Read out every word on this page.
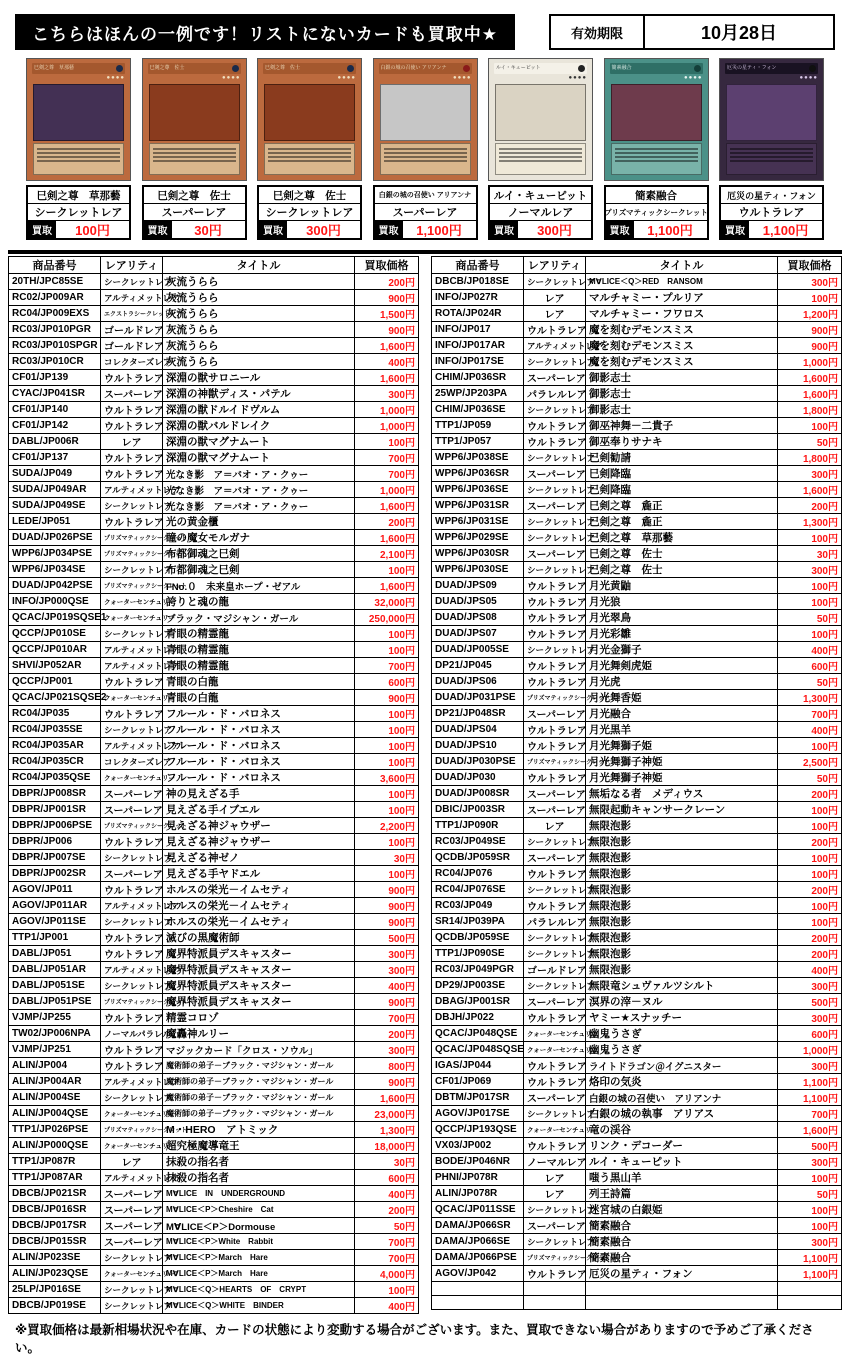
こちらはほんの一例です！リストにないカードも買取中★	有効期限	10月28日
巳剣之尊　草那藝
●●●●
巳剣之尊　草那藝
シークレットレア
買取	100円
巳剣之尊　佐士
●●●●
巳剣之尊　佐士
スーパーレア
買取	30円
巳剣之尊　佐士
●●●●
巳剣之尊　佐士
シークレットレア
買取	300円
白銀の城の召使い アリアンナ
●●●●
白銀の城の召使い アリアンナ
スーパーレア
買取	1,100円
ルイ・キューピット
●●●●
ルイ・キューピット
ノーマルレア
買取	300円
簡素融合
●●●●
簡素融合
プリズマティックシークレット
買取	1,100円
厄災の星ティ・フォン
●●●●
厄災の星ティ・フォン
ウルトラレア
買取	1,100円
商品番号	レアリティ	タイトル	買取価格
20TH/JPC85SE	シークレットレア	灰流うらら	200円
RC02/JP009AR	アルティメットレア	灰流うらら	900円
RC04/JP009EXS	エクストラシークレットレア	灰流うらら	1,500円
RC03/JP010PGR	ゴールドレア	灰流うらら	900円
RC03/JP010SPGR	ゴールドレア	灰流うらら	1,600円
RC03/JP010CR	コレクターズレア	灰流うらら	400円
CF01/JP139	ウルトラレア	深淵の獣サロニール	1,600円
CYAC/JP041SR	スーパーレア	深淵の神獣ディス・パテル	300円
CF01/JP140	ウルトラレア	深淵の獣ドルイドヴルム	1,000円
CF01/JP142	ウルトラレア	深淵の獣バルドレイク	1,000円
DABL/JP006R	レア	深淵の獣マグナムート	100円
CF01/JP137	ウルトラレア	深淵の獣マグナムート	700円
SUDA/JP049	ウルトラレア	光なき影　ア＝バオ・ア・クゥー	700円
SUDA/JP049AR	アルティメットレア	光なき影　ア＝バオ・ア・クゥー	1,000円
SUDA/JP049SE	シークレットレア	光なき影　ア＝バオ・ア・クゥー	1,600円
LEDE/JP051	ウルトラレア	光の黄金櫃	200円
DUAD/JP026PSE	プリズマティックシークレット	瞳の魔女モルガナ	1,600円
WPP6/JP034PSE	プリズマティックシークレット	布都御魂之巳剣	2,100円
WPP6/JP034SE	シークレットレア	布都御魂之巳剣	100円
DUAD/JP042PSE	プリズマティックシークレット	FNo.０　未来皇ホープ・ゼアル	1,600円
INFO/JP000QSE	クォーターセンチュリー	誇りと魂の龍	32,000円
QCAC/JP019SQSE1	クォーターセンチュリー	ブラック・マジシャン・ガール	250,000円
QCCP/JP010SE	シークレットレア	青眼の精霊龍	100円
QCCP/JP010AR	アルティメットレア	青眼の精霊龍	100円
SHVI/JP052AR	アルティメットレア	青眼の精霊龍	700円
QCCP/JP001	ウルトラレア	青眼の白龍	600円
QCAC/JP021SQSE2	クォーターセンチュリー	青眼の白龍	900円
RC04/JP035	ウルトラレア	フルール・ド・バロネス	100円
RC04/JP035SE	シークレットレア	フルール・ド・バロネス	100円
RC04/JP035AR	アルティメットレア	フルール・ド・バロネス	100円
RC04/JP035CR	コレクターズレア	フルール・ド・バロネス	100円
RC04/JP035QSE	クォーターセンチュリー	フルール・ド・バロネス	3,600円
DBPR/JP008SR	スーパーレア	神の見えざる手	100円
DBPR/JP001SR	スーパーレア	見えざる手イブエル	100円
DBPR/JP006PSE	プリズマティックシークレット	見えざる神ジャウザー	2,200円
DBPR/JP006	ウルトラレア	見えざる神ジャウザー	100円
DBPR/JP007SE	シークレットレア	見えざる神ゼノ	30円
DBPR/JP002SR	スーパーレア	見えざる手ヤドエル	100円
AGOV/JP011	ウルトラレア	ホルスの栄光－イムセティ	900円
AGOV/JP011AR	アルティメットレア	ホルスの栄光－イムセティ	900円
AGOV/JP011SE	シークレットレア	ホルスの栄光－イムセティ	900円
TTP1/JP001	ウルトラレア	滅びの黒魔術師	500円
DABL/JP051	ウルトラレア	魔界特派員デスキャスター	300円
DABL/JP051AR	アルティメットレア	魔界特派員デスキャスター	300円
DABL/JP051SE	シークレットレア	魔界特派員デスキャスター	400円
DABL/JP051PSE	プリズマティックシークレット	魔界特派員デスキャスター	900円
VJMP/JP255	ウルトラレア	精霊コロゾ	700円
TW02/JP006NPA	ノーマルパラレル	魔轟神ルリー	200円
VJMP/JP251	ウルトラレア	マジックカード「クロス・ソウル」	300円
ALIN/JP004	ウルトラレア	魔術師の弟子－ブラック・マジシャン・ガール	800円
ALIN/JP004AR	アルティメットレア	魔術師の弟子－ブラック・マジシャン・ガール	900円
ALIN/JP004SE	シークレットレア	魔術師の弟子－ブラック・マジシャン・ガール	1,600円
ALIN/JP004QSE	クォーターセンチュリー	魔術師の弟子－ブラック・マジシャン・ガール	23,000円
TTP1/JP026PSE	プリズマティックシークレット	M・HERO　アトミック	1,300円
ALIN/JP000QSE	クォーターセンチュリー	超究極魔導竜王	18,000円
TTP1/JP087R	レア	抹殺の指名者	30円
TTP1/JP087AR	アルティメットレア	抹殺の指名者	600円
DBCB/JP021SR	スーパーレア	M∀LICE　IN　UNDERGROUND	400円
DBCB/JP016SR	スーパーレア	M∀LICE＜P＞Cheshire　Cat	200円
DBCB/JP017SR	スーパーレア	M∀LICE＜P＞Dormouse	50円
DBCB/JP015SR	スーパーレア	M∀LICE＜P＞White　Rabbit	700円
ALIN/JP023SE	シークレットレア	M∀LICE＜P＞March　Hare	700円
ALIN/JP023QSE	クォーターセンチュリー	M∀LICE＜P＞March　Hare	4,000円
25LP/JP016SE	シークレットレア	M∀LICE＜Q＞HEARTS　OF　CRYPT	100円
DBCB/JP019SE	シークレットレア	M∀LICE＜Q＞WHITE　BINDER	400円
商品番号	レアリティ	タイトル	買取価格
DBCB/JP018SE	シークレットレア	M∀LICE＜Q＞RED　RANSOM	300円
INFO/JP027R	レア	マルチャミー・プルリア	100円
ROTA/JP024R	レア	マルチャミー・フワロス	1,200円
INFO/JP017	ウルトラレア	魔を刻むデモンスミス	900円
INFO/JP017AR	アルティメットレア	魔を刻むデモンスミス	900円
INFO/JP017SE	シークレットレア	魔を刻むデモンスミス	1,000円
CHIM/JP036SR	スーパーレア	御影志士	1,600円
25WP/JP203PA	パラレルレア	御影志士	1,600円
CHIM/JP036SE	シークレットレア	御影志士	1,800円
TTP1/JP059	ウルトラレア	御巫神舞－二貴子	100円
TTP1/JP057	ウルトラレア	御巫奉りサナキ	50円
WPP6/JP038SE	シークレットレア	巳剣勧請	1,800円
WPP6/JP036SR	スーパーレア	巳剣降臨	300円
WPP6/JP036SE	シークレットレア	巳剣降臨	1,600円
WPP6/JP031SR	スーパーレア	巳剣之尊　麁正	200円
WPP6/JP031SE	シークレットレア	巳剣之尊　麁正	1,300円
WPP6/JP029SE	シークレットレア	巳剣之尊　草那藝	100円
WPP6/JP030SR	スーパーレア	巳剣之尊　佐士	30円
WPP6/JP030SE	シークレットレア	巳剣之尊　佐士	300円
DUAD/JPS09	ウルトラレア	月光黄鼬	100円
DUAD/JPS05	ウルトラレア	月光狼	100円
DUAD/JPS08	ウルトラレア	月光翠鳥	50円
DUAD/JPS07	ウルトラレア	月光彩雛	100円
DUAD/JP005SE	シークレットレア	月光金獅子	400円
DP21/JP045	ウルトラレア	月光舞剣虎姫	600円
DUAD/JPS06	ウルトラレア	月光虎	50円
DUAD/JP031PSE	プリズマティックシークレット	月光舞香姫	1,300円
DP21/JP048SR	スーパーレア	月光融合	700円
DUAD/JPS04	ウルトラレア	月光黒羊	400円
DUAD/JPS10	ウルトラレア	月光舞獅子姫	100円
DUAD/JP030PSE	プリズマティックシークレット	月光舞獅子神姫	2,500円
DUAD/JP030	ウルトラレア	月光舞獅子神姫	50円
DUAD/JP008SR	スーパーレア	無垢なる者　メディウス	200円
DBIC/JP003SR	スーパーレア	無限起動キャンサークレーン	100円
TTP1/JP090R	レア	無限泡影	100円
RC03/JP049SE	シークレットレア	無限泡影	200円
QCDB/JP059SR	スーパーレア	無限泡影	100円
RC04/JP076	ウルトラレア	無限泡影	100円
RC04/JP076SE	シークレットレア	無限泡影	200円
RC03/JP049	ウルトラレア	無限泡影	100円
SR14/JP039PA	パラレルレア	無限泡影	100円
QCDB/JP059SE	シークレットレア	無限泡影	200円
TTP1/JP090SE	シークレットレア	無限泡影	200円
RC03/JP049PGR	ゴールドレア	無限泡影	400円
DP29/JP003SE	シークレットレア	無限竜シュヴァルツシルト	300円
DBAG/JP001SR	スーパーレア	溟界の滓－ヌル	500円
DBJH/JP022	ウルトラレア	ヤミー★スナッチー	300円
QCAC/JP048QSE	クォーターセンチュリー	幽鬼うさぎ	600円
QCAC/JP048SQSE	クォーターセンチュリー	幽鬼うさぎ	1,000円
IGAS/JP044	ウルトラレア	ライトドラゴン＠イグニスター	300円
CF01/JP069	ウルトラレア	烙印の気炎	1,100円
DBTM/JP017SR	スーパーレア	白銀の城の召使い　アリアンナ	1,100円
AGOV/JP017SE	シークレットレア	白銀の城の執事　アリアス	700円
QCCP/JP193QSE	クォーターセンチュリー	竜の渓谷	1,600円
VX03/JP002	ウルトラレア	リンク・デコーダー	500円
BODE/JP046NR	ノーマルレア	ルイ・キューピット	300円
PHNI/JP078R	レア	嗤う黒山羊	100円
ALIN/JP078R	レア	列王詩篇	50円
QCAC/JP011SSE	シークレットレア	迷宮城の白銀姫	100円
DAMA/JP066SR	スーパーレア	簡素融合	100円
DAMA/JP066SE	シークレットレア	簡素融合	300円
DAMA/JP066PSE	プリズマティックシークレット	簡素融合	1,100円
AGOV/JP042	ウルトラレア	厄災の星ティ・フォン	1,100円

※買取価格は最新相場状況や在庫、カードの状態により変動する場合がございます。また、買取できない場合がありますので予めご了承ください。
